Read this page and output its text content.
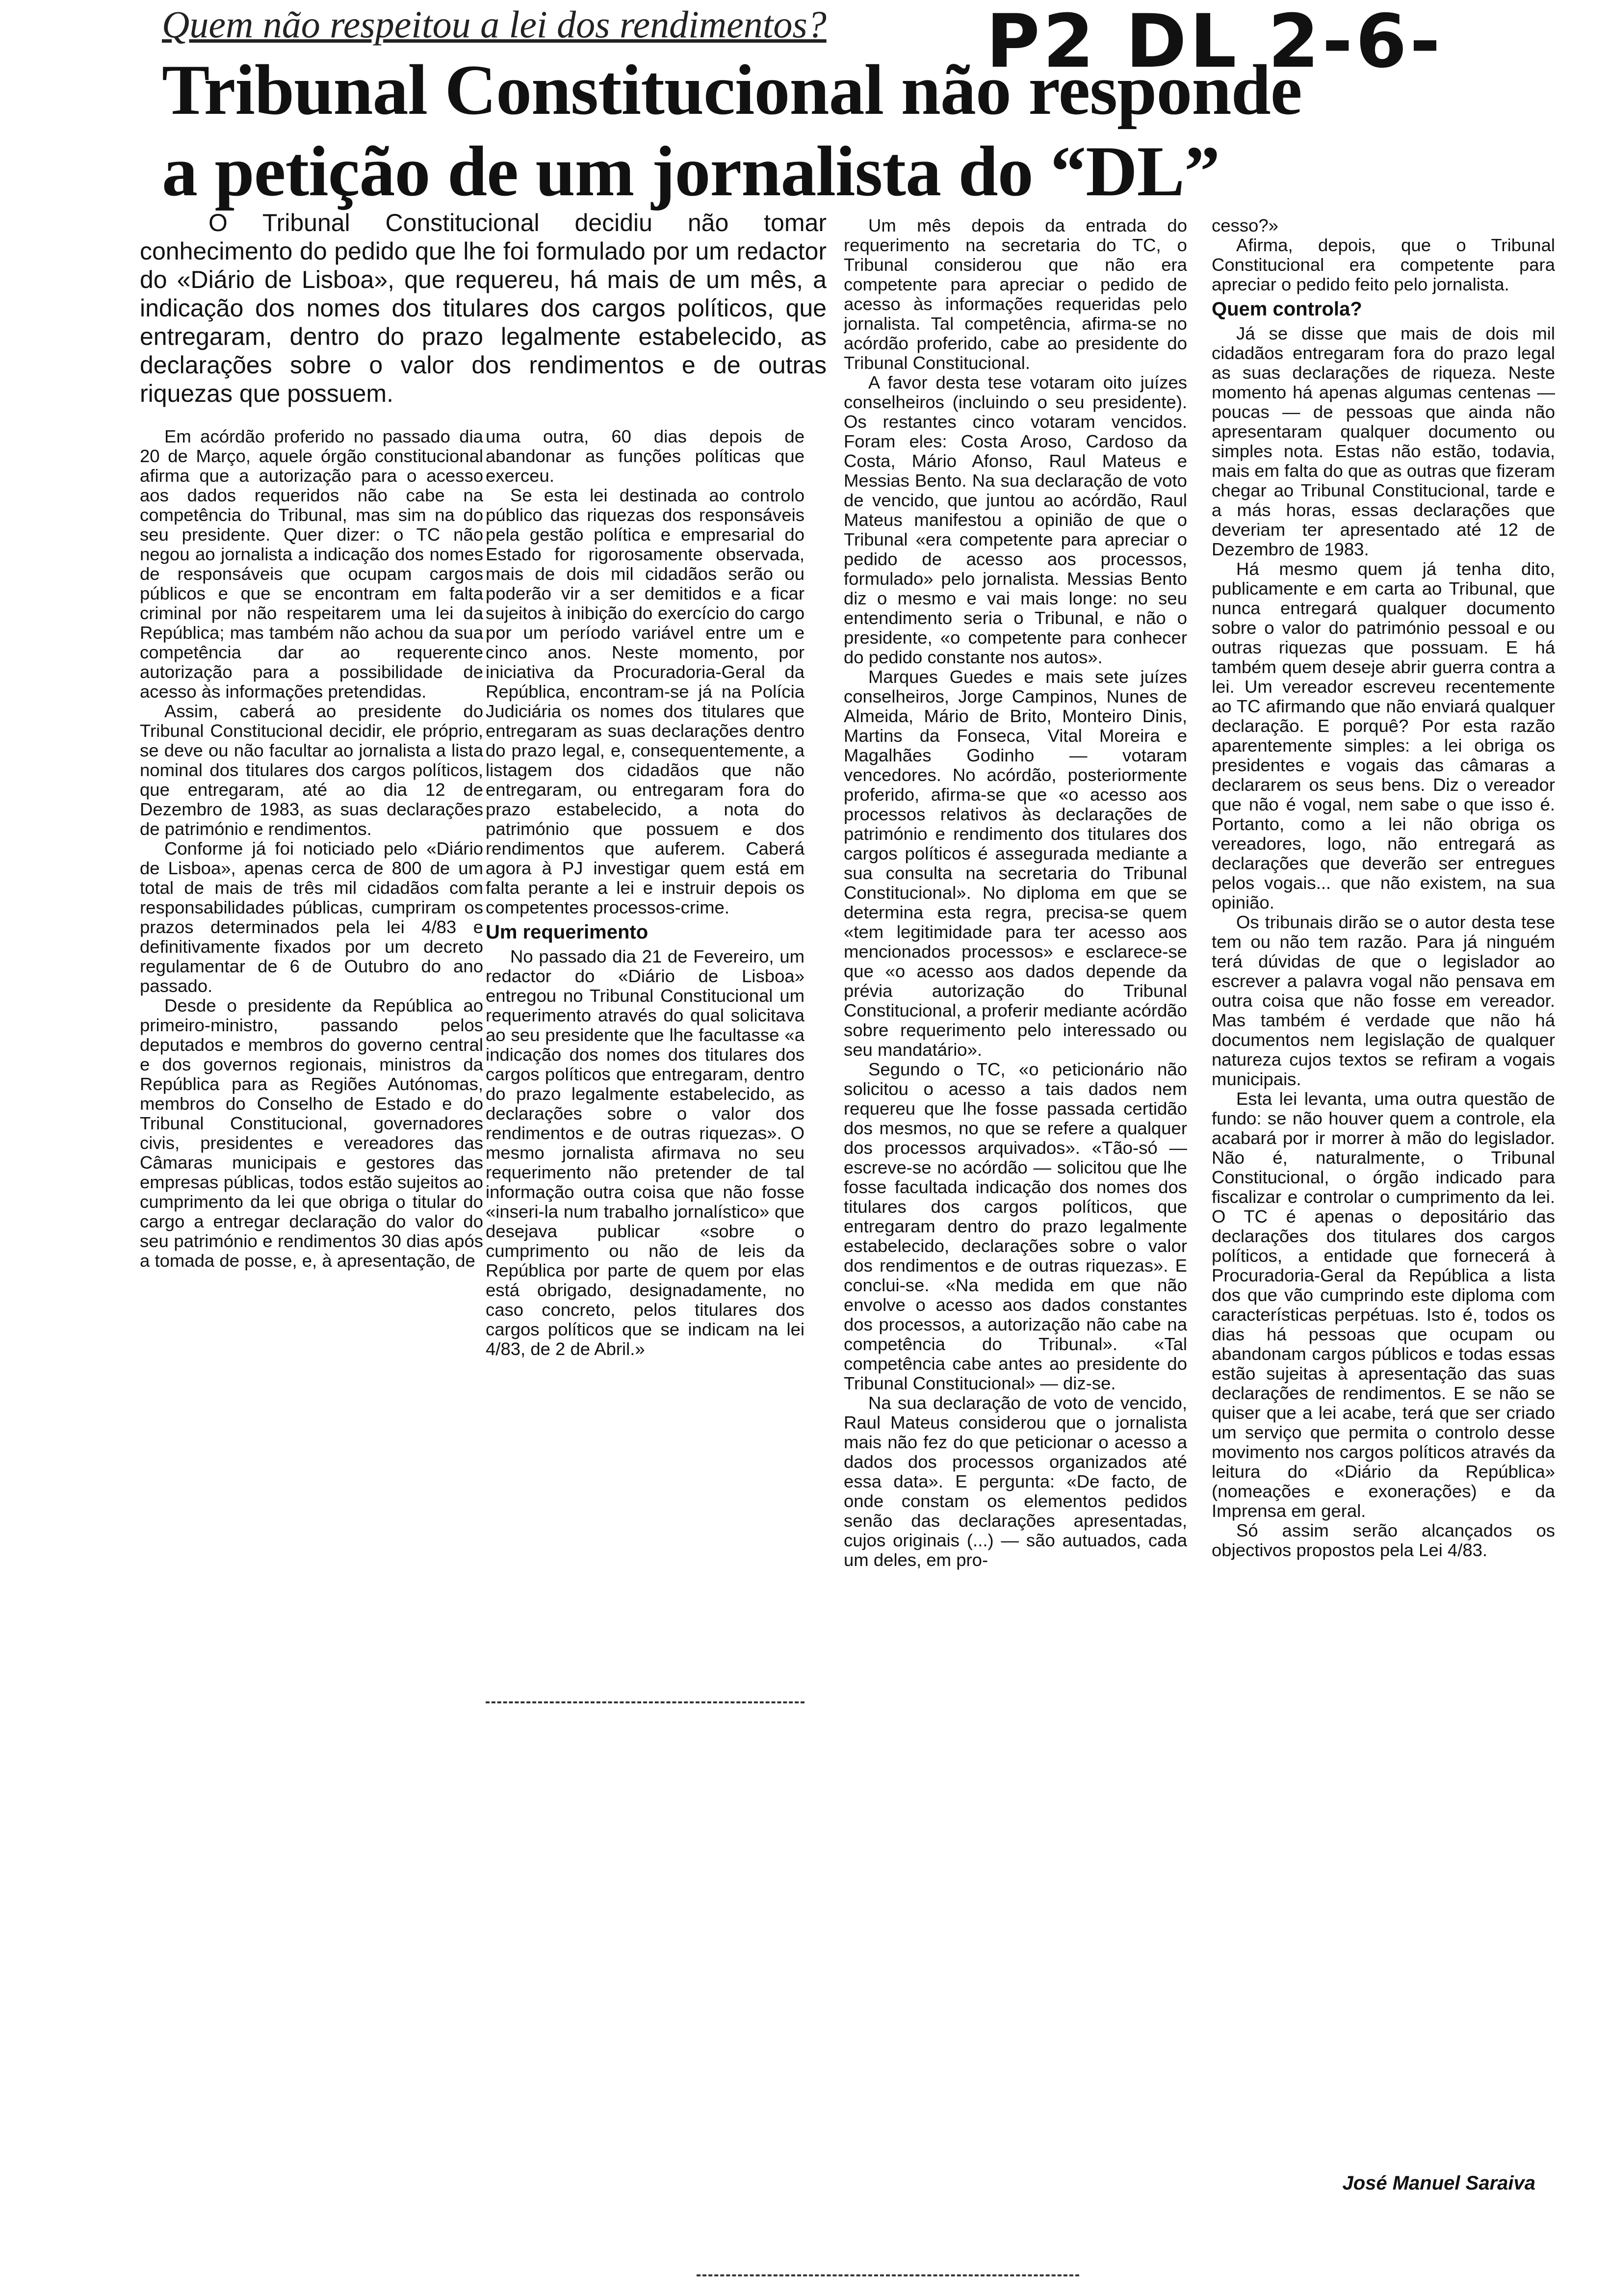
Quem não respeitou a lei dos rendimentos?	P2 DL 2-6-
Tribunal Constitucional não responde
a petição de um jornalista do “DL”

O Tribunal Constitucional decidiu não tomar conhecimento do pedido que lhe foi formulado por um redactor do «Diário de Lisboa», que requereu, há mais de um mês, a indicação dos nomes dos titulares dos cargos políticos, que entregaram, dentro do prazo legalmente estabelecido, as declarações sobre o valor dos rendimentos e de outras riquezas que possuem.

Em acórdão proferido no passado dia 20 de Março, aquele órgão constitucional afirma que a autorização para o acesso aos dados requeridos não cabe na competência do Tribunal, mas sim na do seu presidente. Quer dizer: o TC não negou ao jornalista a indicação dos nomes de responsáveis que ocupam cargos públicos e que se encontram em falta criminal por não respeitarem uma lei da República; mas também não achou da sua competência dar ao requerente autorização para a possibilidade de acesso às informações pretendidas.

Assim, caberá ao presidente do Tribunal Constitucional decidir, ele próprio, se deve ou não facultar ao jornalista a lista nominal dos titulares dos cargos políticos, que entregaram, até ao dia 12 de Dezembro de 1983, as suas declarações de património e rendimentos.

Conforme já foi noticiado pelo «Diário de Lisboa», apenas cerca de 800 de um total de mais de três mil cidadãos com responsabilidades públicas, cumpriram os prazos determinados pela lei 4/83 e definitivamente fixados por um decreto regulamentar de 6 de Outubro do ano passado.

Desde o presidente da República ao primeiro-ministro, passando pelos deputados e membros do governo central e dos governos regionais, ministros da República para as Regiões Autónomas, membros do Conselho de Estado e do Tribunal Constitucional, governadores civis, presidentes e vereadores das Câmaras municipais e gestores das empresas públicas, todos estão sujeitos ao cumprimento da lei que obriga o titular do cargo a entregar declaração do valor do seu património e rendimentos 30 dias após a tomada de posse, e, à apresentação, de

uma outra, 60 dias depois de abandonar as funções políticas que exerceu.

Se esta lei destinada ao controlo público das riquezas dos responsáveis pela gestão política e empresarial do Estado for rigorosamente observada, mais de dois mil cidadãos serão ou poderão vir a ser demitidos e a ficar sujeitos à inibição do exercício do cargo por um período variável entre um e cinco anos. Neste momento, por iniciativa da Procuradoria-Geral da República, encontram-se já na Polícia Judiciária os nomes dos titulares que entregaram as suas declarações dentro do prazo legal, e, consequentemente, a listagem dos cidadãos que não entregaram, ou entregaram fora do prazo estabelecido, a nota do património que possuem e dos rendimentos que auferem. Caberá agora à PJ investigar quem está em falta perante a lei e instruir depois os competentes processos-crime.

Um requerimento

No passado dia 21 de Fevereiro, um redactor do «Diário de Lisboa» entregou no Tribunal Constitucional um requerimento através do qual solicitava ao seu presidente que lhe facultasse «a indicação dos nomes dos titulares dos cargos políticos que entregaram, dentro do prazo legalmente estabelecido, as declarações sobre o valor dos rendimentos e de outras riquezas». O mesmo jornalista afirmava no seu requerimento não pretender de tal informação outra coisa que não fosse «inseri-la num trabalho jornalístico» que desejava publicar «sobre o cumprimento ou não de leis da República por parte de quem por elas está obrigado, designadamente, no caso concreto, pelos titulares dos cargos políticos que se indicam na lei 4/83, de 2 de Abril.»

Um mês depois da entrada do requerimento na secretaria do TC, o Tribunal considerou que não era competente para apreciar o pedido de acesso às informações requeridas pelo jornalista. Tal competência, afirma-se no acórdão proferido, cabe ao presidente do Tribunal Constitucional.

A favor desta tese votaram oito juízes conselheiros (incluindo o seu presidente). Os restantes cinco votaram vencidos. Foram eles: Costa Aroso, Cardoso da Costa, Mário Afonso, Raul Mateus e Messias Bento. Na sua declaração de voto de vencido, que juntou ao acórdão, Raul Mateus manifestou a opinião de que o Tribunal «era competente para apreciar o pedido de acesso aos processos, formulado» pelo jornalista. Messias Bento diz o mesmo e vai mais longe: no seu entendimento seria o Tribunal, e não o presidente, «o competente para conhecer do pedido constante nos autos».

Marques Guedes e mais sete juízes conselheiros, Jorge Campinos, Nunes de Almeida, Mário de Brito, Monteiro Dinis, Martins da Fonseca, Vital Moreira e Magalhães Godinho — votaram vencedores. No acórdão, posteriormente proferido, afirma-se que «o acesso aos processos relativos às declarações de património e rendimento dos titulares dos cargos políticos é assegurada mediante a sua consulta na secretaria do Tribunal Constitucional». No diploma em que se determina esta regra, precisa-se quem «tem legitimidade para ter acesso aos mencionados processos» e esclarece-se que «o acesso aos dados depende da prévia autorização do Tribunal Constitucional, a proferir mediante acórdão sobre requerimento pelo interessado ou seu mandatário».

Segundo o TC, «o peticionário não solicitou o acesso a tais dados nem requereu que lhe fosse passada certidão dos mesmos, no que se refere a qualquer dos processos arquivados». «Tão-só — escreve-se no acórdão — solicitou que lhe fosse facultada indicação dos nomes dos titulares dos cargos políticos, que entregaram dentro do prazo legalmente estabelecido, declarações sobre o valor dos rendimentos e de outras riquezas». E conclui-se. «Na medida em que não envolve o acesso aos dados constantes dos processos, a autorização não cabe na competência do Tribunal». «Tal competência cabe antes ao presidente do Tribunal Constitucional» — diz-se.

Na sua declaração de voto de vencido, Raul Mateus considerou que o jornalista mais não fez do que peticionar o acesso a dados dos processos organizados até essa data». E pergunta: «De facto, de onde constam os elementos pedidos senão das declarações apresentadas, cujos originais (...) — são autuados, cada um deles, em pro-

cesso?»

Afirma, depois, que o Tribunal Constitucional era competente para apreciar o pedido feito pelo jornalista.

Quem controla?

Já se disse que mais de dois mil cidadãos entregaram fora do prazo legal as suas declarações de riqueza. Neste momento há apenas algumas centenas — poucas — de pessoas que ainda não apresentaram qualquer documento ou simples nota. Estas não estão, todavia, mais em falta do que as outras que fizeram chegar ao Tribunal Constitucional, tarde e a más horas, essas declarações que deveriam ter apresentado até 12 de Dezembro de 1983.

Há mesmo quem já tenha dito, publicamente e em carta ao Tribunal, que nunca entregará qualquer documento sobre o valor do património pessoal e ou outras riquezas que possuam. E há também quem deseje abrir guerra contra a lei. Um vereador escreveu recentemente ao TC afirmando que não enviará qualquer declaração. E porquê? Por esta razão aparentemente simples: a lei obriga os presidentes e vogais das câmaras a declararem os seus bens. Diz o vereador que não é vogal, nem sabe o que isso é. Portanto, como a lei não obriga os vereadores, logo, não entregará as declarações que deverão ser entregues pelos vogais... que não existem, na sua opinião.

Os tribunais dirão se o autor desta tese tem ou não tem razão. Para já ninguém terá dúvidas de que o legislador ao escrever a palavra vogal não pensava em outra coisa que não fosse em vereador. Mas também é verdade que não há documentos nem legislação de qualquer natureza cujos textos se refiram a vogais municipais.

Esta lei levanta, uma outra questão de fundo: se não houver quem a controle, ela acabará por ir morrer à mão do legislador. Não é, naturalmente, o Tribunal Constitucional, o órgão indicado para fiscalizar e controlar o cumprimento da lei. O TC é apenas o depositário das declarações dos titulares dos cargos políticos, a entidade que fornecerá à Procuradoria-Geral da República a lista dos que vão cumprindo este diploma com características perpétuas. Isto é, todos os dias há pessoas que ocupam ou abandonam cargos públicos e todas essas estão sujeitas à apresentação das suas declarações de rendimentos. E se não se quiser que a lei acabe, terá que ser criado um serviço que permita o controlo desse movimento nos cargos políticos através da leitura do «Diário da República» (nomeações e exonerações) e da Imprensa em geral.

Só assim serão alcançados os objectivos propostos pela Lei 4/83.

José Manuel Saraiva
